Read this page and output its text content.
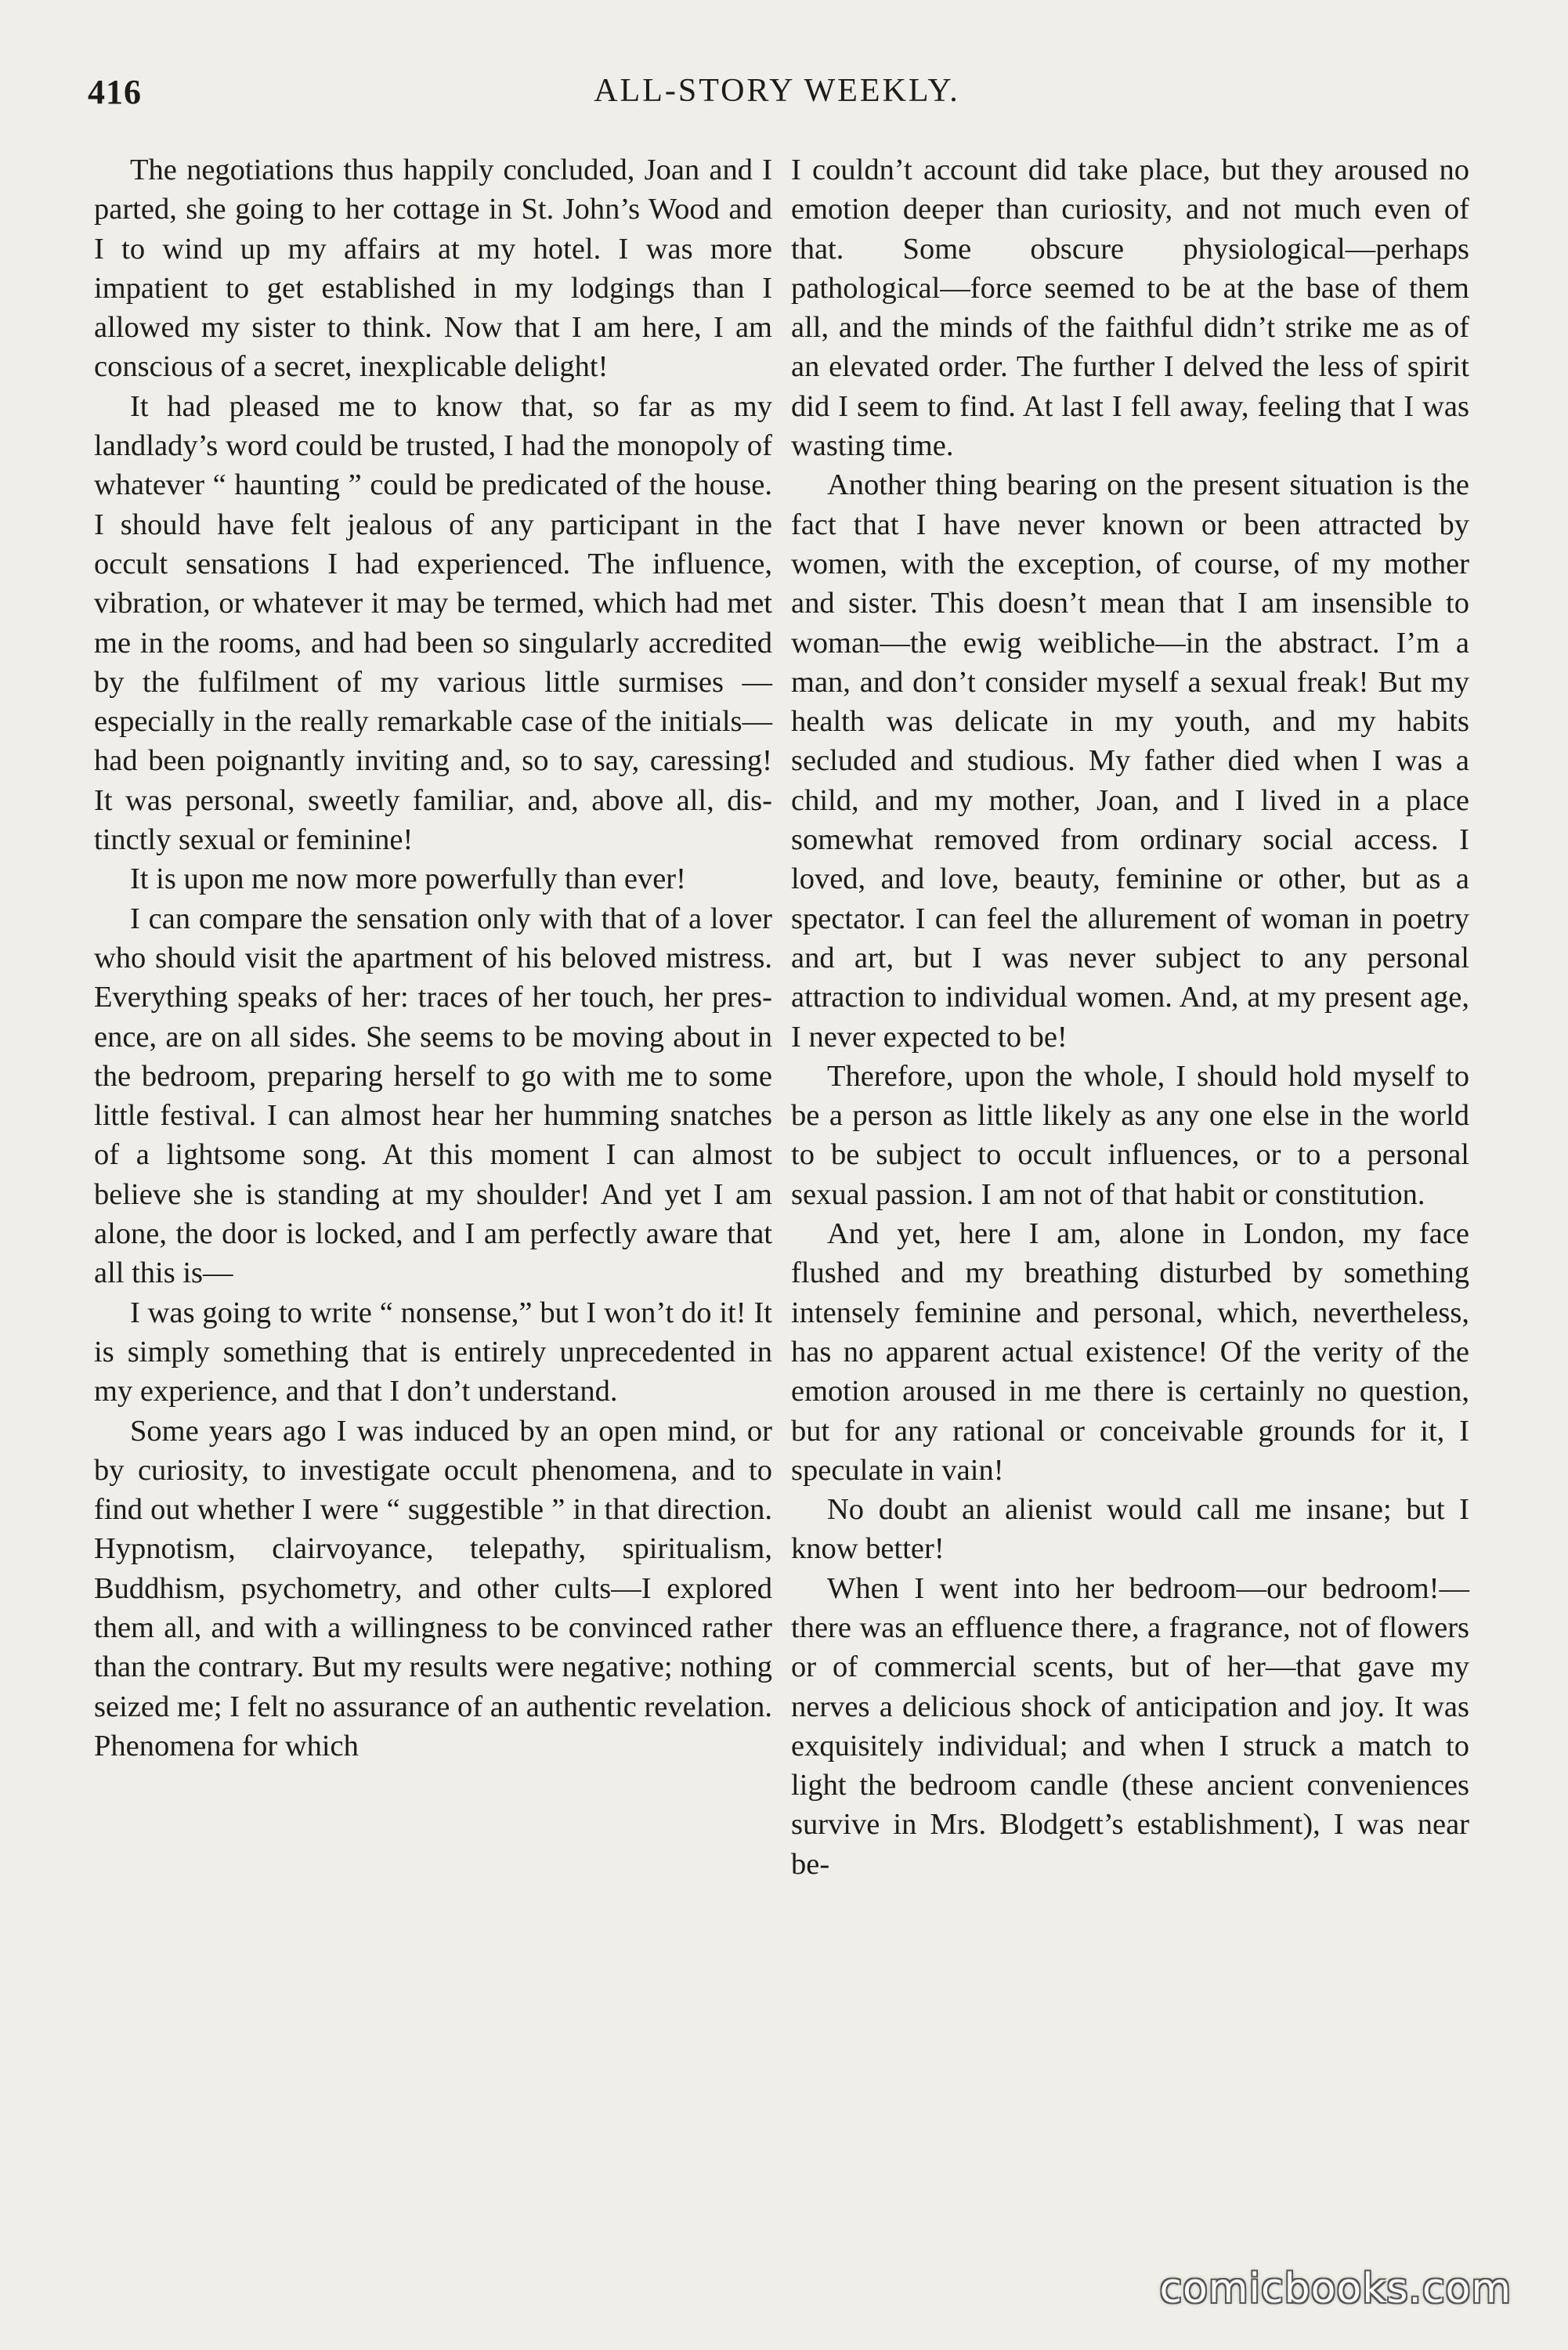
416	ALL-STORY WEEKLY.

The negotiations thus happily concluded, Joan and I parted, she going to her cottage in St. John’s Wood and I to wind up my affairs at my hotel. I was more impatient to get established in my lodgings than I allowed my sister to think. Now that I am here, I am conscious of a secret, inexplicable delight!

It had pleased me to know that, so far as my landlady’s word could be trusted, I had the monopoly of whatever “ haunting ” could be predicated of the house. I should have felt jealous of any participant in the occult sensations I had experienced. The influence, vibration, or whatever it may be termed, which had met me in the rooms, and had been so singularly accredited by the fulfilment of my various little surmises —especially in the really remarkable case of the initials—had been poignantly inviting and, so to say, caressing! It was personal, sweetly familiar, and, above all, distinctly sexual or feminine!

It is upon me now more powerfully than ever!

I can compare the sensation only with that of a lover who should visit the apartment of his beloved mistress. Everything speaks of her: traces of her touch, her presence, are on all sides. She seems to be moving about in the bedroom, preparing herself to go with me to some little festival. I can almost hear her humming snatches of a lightsome song. At this moment I can almost believe she is standing at my shoulder! And yet I am alone, the door is locked, and I am perfectly aware that all this is—

I was going to write “ nonsense,” but I won’t do it! It is simply something that is entirely unprecedented in my experience, and that I don’t understand.

Some years ago I was induced by an open mind, or by curiosity, to investigate occult phenomena, and to find out whether I were “ suggestible ” in that direction. Hypnotism, clairvoyance, telepathy, spiritualism, Buddhism, psychometry, and other cults—I explored them all, and with a willingness to be convinced rather than the contrary. But my results were negative; nothing seized me; I felt no assurance of an authentic revelation. Phenomena for which

I couldn’t account did take place, but they aroused no emotion deeper than curiosity, and not much even of that. Some obscure physiological—perhaps pathological—force seemed to be at the base of them all, and the minds of the faithful didn’t strike me as of an elevated order. The further I delved the less of spirit did I seem to find. At last I fell away, feeling that I was wasting time.

Another thing bearing on the present situation is the fact that I have never known or been attracted by women, with the exception, of course, of my mother and sister. This doesn’t mean that I am insensible to woman—the ewig weibliche—in the abstract. I’m a man, and don’t consider myself a sexual freak! But my health was delicate in my youth, and my habits secluded and studious. My father died when I was a child, and my mother, Joan, and I lived in a place somewhat removed from ordinary social access. I loved, and love, beauty, feminine or other, but as a spectator. I can feel the allurement of woman in poetry and art, but I was never subject to any personal attraction to individual women. And, at my present age, I never expected to be!

Therefore, upon the whole, I should hold myself to be a person as little likely as any one else in the world to be subject to occult influences, or to a personal sexual passion. I am not of that habit or constitution.

And yet, here I am, alone in London, my face flushed and my breathing disturbed by something intensely feminine and personal, which, nevertheless, has no apparent actual existence! Of the verity of the emotion aroused in me there is certainly no question, but for any rational or conceivable grounds for it, I speculate in vain!

No doubt an alienist would call me insane; but I know better!

When I went into her bedroom—our bedroom!—there was an effluence there, a fragrance, not of flowers or of commercial scents, but of her—that gave my nerves a delicious shock of anticipation and joy. It was exquisitely individual; and when I struck a match to light the bedroom candle (these ancient conveniences survive in Mrs. Blodgett’s establishment), I was near be-

comicbooks.com
